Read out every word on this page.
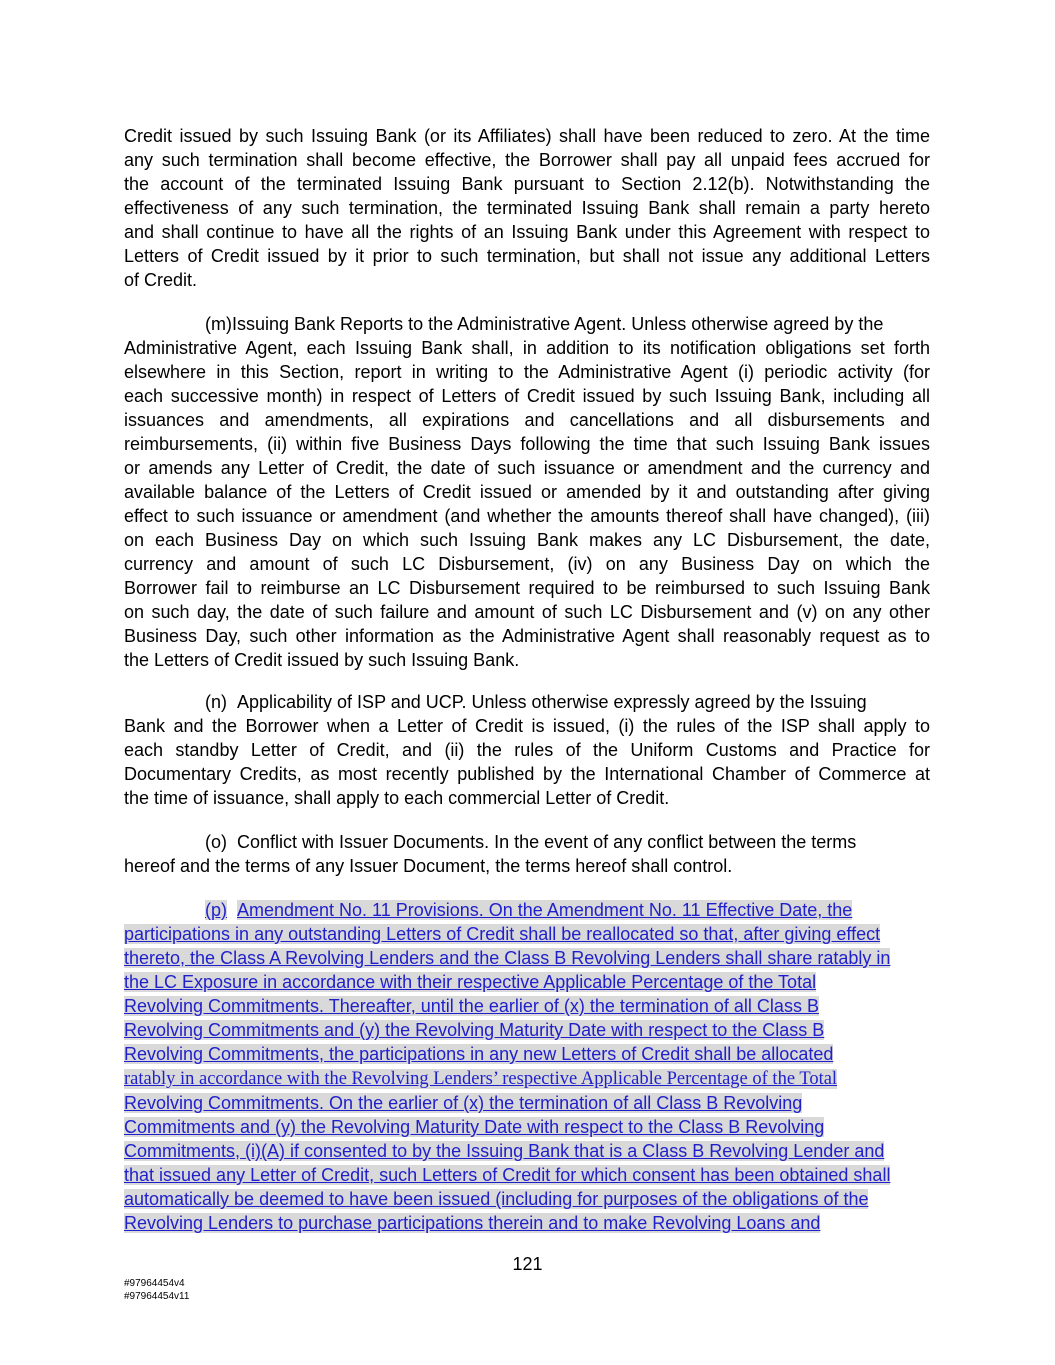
Credit issued by such Issuing Bank (or its Affiliates) shall have been reduced to zero. At the time
any such termination shall become effective, the Borrower shall pay all unpaid fees accrued for
the account of the terminated Issuing Bank pursuant to Section 2.12(b). Notwithstanding the
effectiveness of any such termination, the terminated Issuing Bank shall remain a party hereto
and shall continue to have all the rights of an Issuing Bank under this Agreement with respect to
Letters of Credit issued by it prior to such termination, but shall not issue any additional Letters
of Credit.
(m)Issuing Bank Reports to the Administrative Agent. Unless otherwise agreed by the
Administrative Agent, each Issuing Bank shall, in addition to its notification obligations set forth
elsewhere in this Section, report in writing to the Administrative Agent (i) periodic activity (for
each successive month) in respect of Letters of Credit issued by such Issuing Bank, including all
issuances and amendments, all expirations and cancellations and all disbursements and
reimbursements, (ii) within five Business Days following the time that such Issuing Bank issues
or amends any Letter of Credit, the date of such issuance or amendment and the currency and
available balance of the Letters of Credit issued or amended by it and outstanding after giving
effect to such issuance or amendment (and whether the amounts thereof shall have changed), (iii)
on each Business Day on which such Issuing Bank makes any LC Disbursement, the date,
currency and amount of such LC Disbursement, (iv) on any Business Day on which the
Borrower fail to reimburse an LC Disbursement required to be reimbursed to such Issuing Bank
on such day, the date of such failure and amount of such LC Disbursement and (v) on any other
Business Day, such other information as the Administrative Agent shall reasonably request as to
the Letters of Credit issued by such Issuing Bank.
(n) Applicability of ISP and UCP. Unless otherwise expressly agreed by the Issuing
Bank and the Borrower when a Letter of Credit is issued, (i) the rules of the ISP shall apply to
each standby Letter of Credit, and (ii) the rules of the Uniform Customs and Practice for
Documentary Credits, as most recently published by the International Chamber of Commerce at
the time of issuance, shall apply to each commercial Letter of Credit.
(o) Conflict with Issuer Documents. In the event of any conflict between the terms
hereof and the terms of any Issuer Document, the terms hereof shall control.
(p) Amendment No. 11 Provisions. On the Amendment No. 11 Effective Date, the
participations in any outstanding Letters of Credit shall be reallocated so that, after giving effect
thereto, the Class A Revolving Lenders and the Class B Revolving Lenders shall share ratably in
the LC Exposure in accordance with their respective Applicable Percentage of the Total
Revolving Commitments. Thereafter, until the earlier of (x) the termination of all Class B
Revolving Commitments and (y) the Revolving Maturity Date with respect to the Class B
Revolving Commitments, the participations in any new Letters of Credit shall be allocated
ratably in accordance with the Revolving Lenders’ respective Applicable Percentage of the Total
Revolving Commitments. On the earlier of (x) the termination of all Class B Revolving
Commitments and (y) the Revolving Maturity Date with respect to the Class B Revolving
Commitments, (i)(A) if consented to by the Issuing Bank that is a Class B Revolving Lender and
that issued any Letter of Credit, such Letters of Credit for which consent has been obtained shall
automatically be deemed to have been issued (including for purposes of the obligations of the
Revolving Lenders to purchase participations therein and to make Revolving Loans and
121
#97964454v4
#97964454v11
